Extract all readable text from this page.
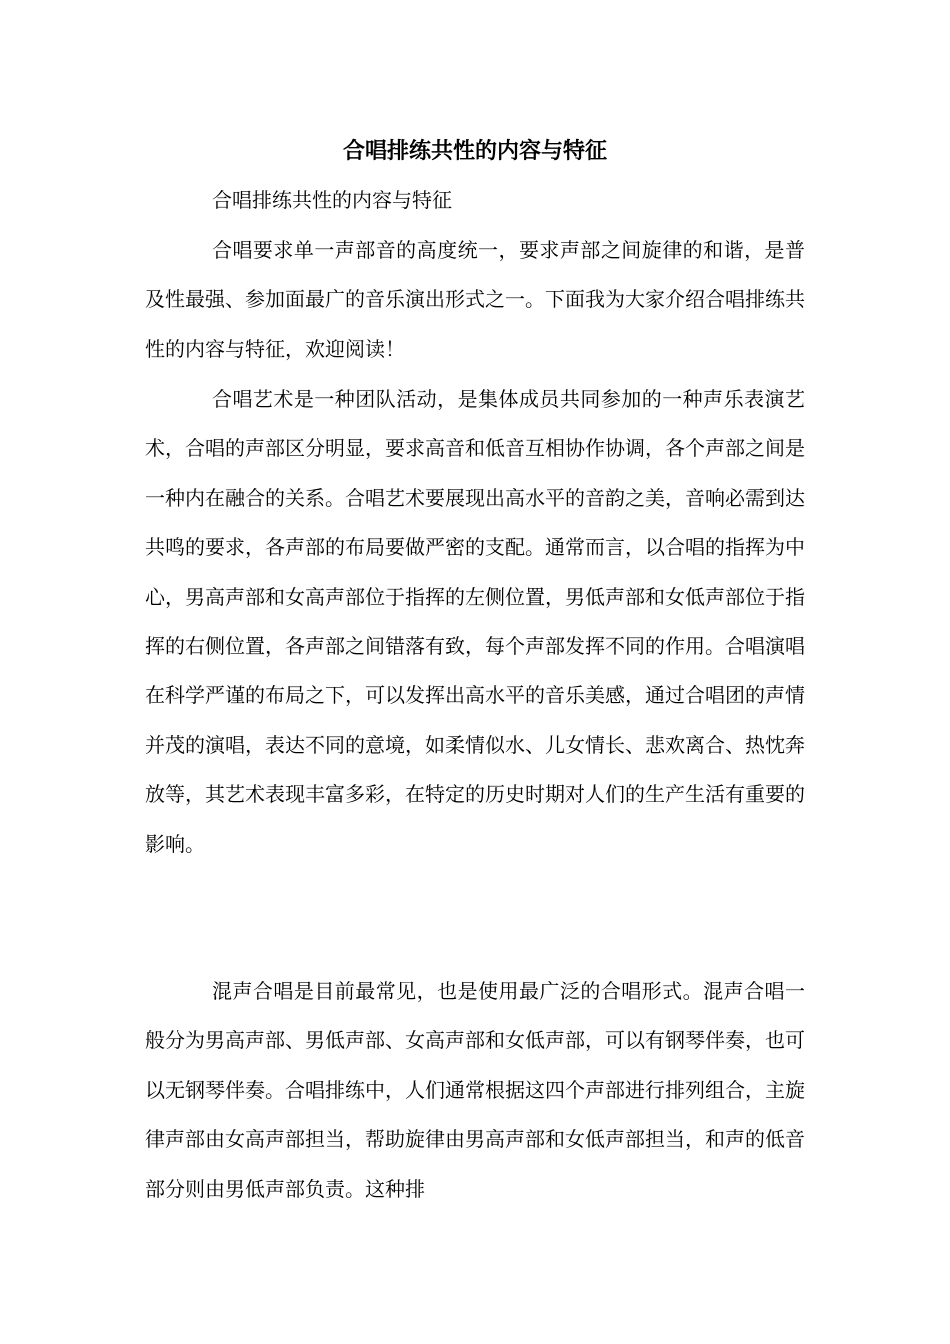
合唱排练共性的内容与特征

合唱排练共性的内容与特征

合唱要求单一声部音的高度统一，要求声部之间旋律的和谐，是普及性最强、参加面最广的音乐演出形式之一。下面我为大家介绍合唱排练共性的内容与特征，欢迎阅读！

合唱艺术是一种团队活动，是集体成员共同参加的一种声乐表演艺术，合唱的声部区分明显，要求高音和低音互相协作协调，各个声部之间是一种内在融合的关系。合唱艺术要展现出高水平的音韵之美，音响必需到达共鸣的要求，各声部的布局要做严密的支配。通常而言，以合唱的指挥为中心，男高声部和女高声部位于指挥的左侧位置，男低声部和女低声部位于指挥的右侧位置，各声部之间错落有致，每个声部发挥不同的作用。合唱演唱在科学严谨的布局之下，可以发挥出高水平的音乐美感，通过合唱团的声情并茂的演唱，表达不同的意境，如柔情似水、儿女情长、悲欢离合、热忱奔放等，其艺术表现丰富多彩，在特定的历史时期对人们的生产生活有重要的影响。

混声合唱是目前最常见，也是使用最广泛的合唱形式。混声合唱一般分为男高声部、男低声部、女高声部和女低声部，可以有钢琴伴奏，也可以无钢琴伴奏。合唱排练中，人们通常根据这四个声部进行排列组合，主旋律声部由女高声部担当，帮助旋律由男高声部和女低声部担当，和声的低音部分则由男低声部负责。这种排
